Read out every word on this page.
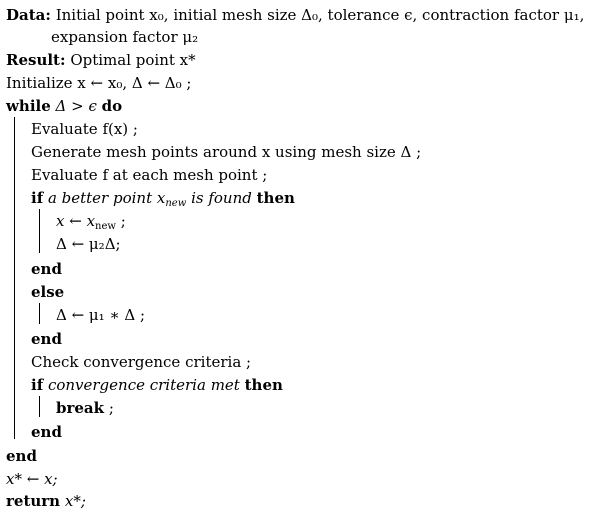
Data: Initial point x₀, initial mesh size Δ₀, tolerance ϵ, contraction factor μ₁,
expansion factor μ₂
Result: Optimal point x*
Initialize x ← x₀, Δ ← Δ₀ ;
while Δ > ϵ do
Evaluate f(x) ;
Generate mesh points around x using mesh size Δ ;
Evaluate f at each mesh point ;
if a better point $x_{new}$ is found then
x ← $x_{new}$ ;
Δ ← μ₂Δ;
end
else
Δ ← μ₁ ∗ Δ ;
end
Check convergence criteria ;
if convergence criteria met then
break ;
end
end
x* ← x;
return x*;
